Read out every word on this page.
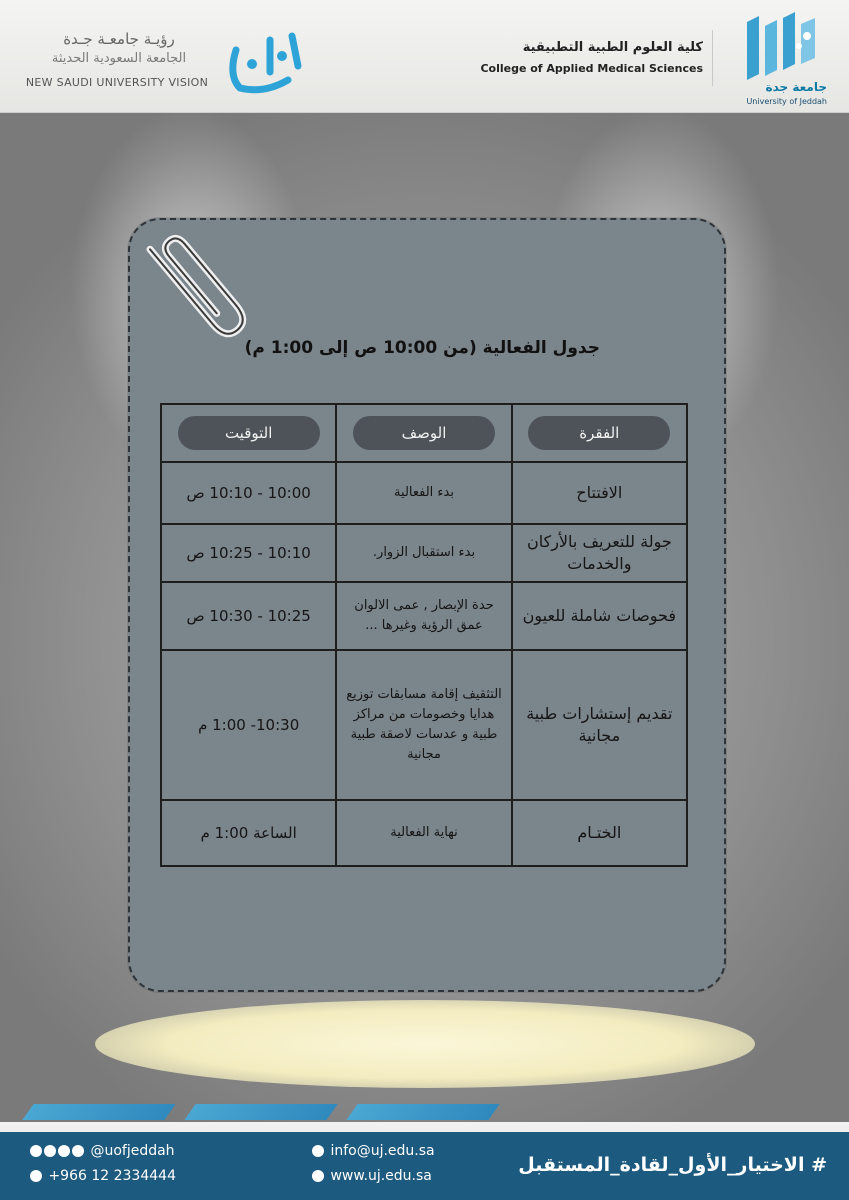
جامعة جدة
University of Jeddah
كلية العلوم الطبية التطبيقية
College of Applied Medical Sciences
رؤيـة جامعـة جـدة
الجامعة السعودية الحديثة
NEW SAUDI UNIVERSITY VISION
جدول الفعالية (من 10:00 ص إلى 1:00 م)
الفقرة	الوصف	التوقيت
الافتتاح	بدء الفعالية	10:00 - 10:10 ص
جولة للتعريف بالأركان والخدمات	بدء استقبال الزوار.	10:10 - 10:25 ص
فحوصات شاملة للعيون	حدة الإبصار , عمى الالوان عمق الرؤية وغيرها ...	10:25 - 10:30 ص
تقديم إستشارات طبية مجانية	التثقيف إقامة مسابقات توزيع هدايا وخصومات من مراكز طبية و عدسات لاصقة طبية مجانية	10:30- 1:00 م
الختـام	نهاية الفعالية	الساعة 1:00 م
@uofjeddah
+966 12 2334444
info@uj.edu.sa
www.uj.edu.sa	# الاختيار_الأول_لقادة_المستقبل
